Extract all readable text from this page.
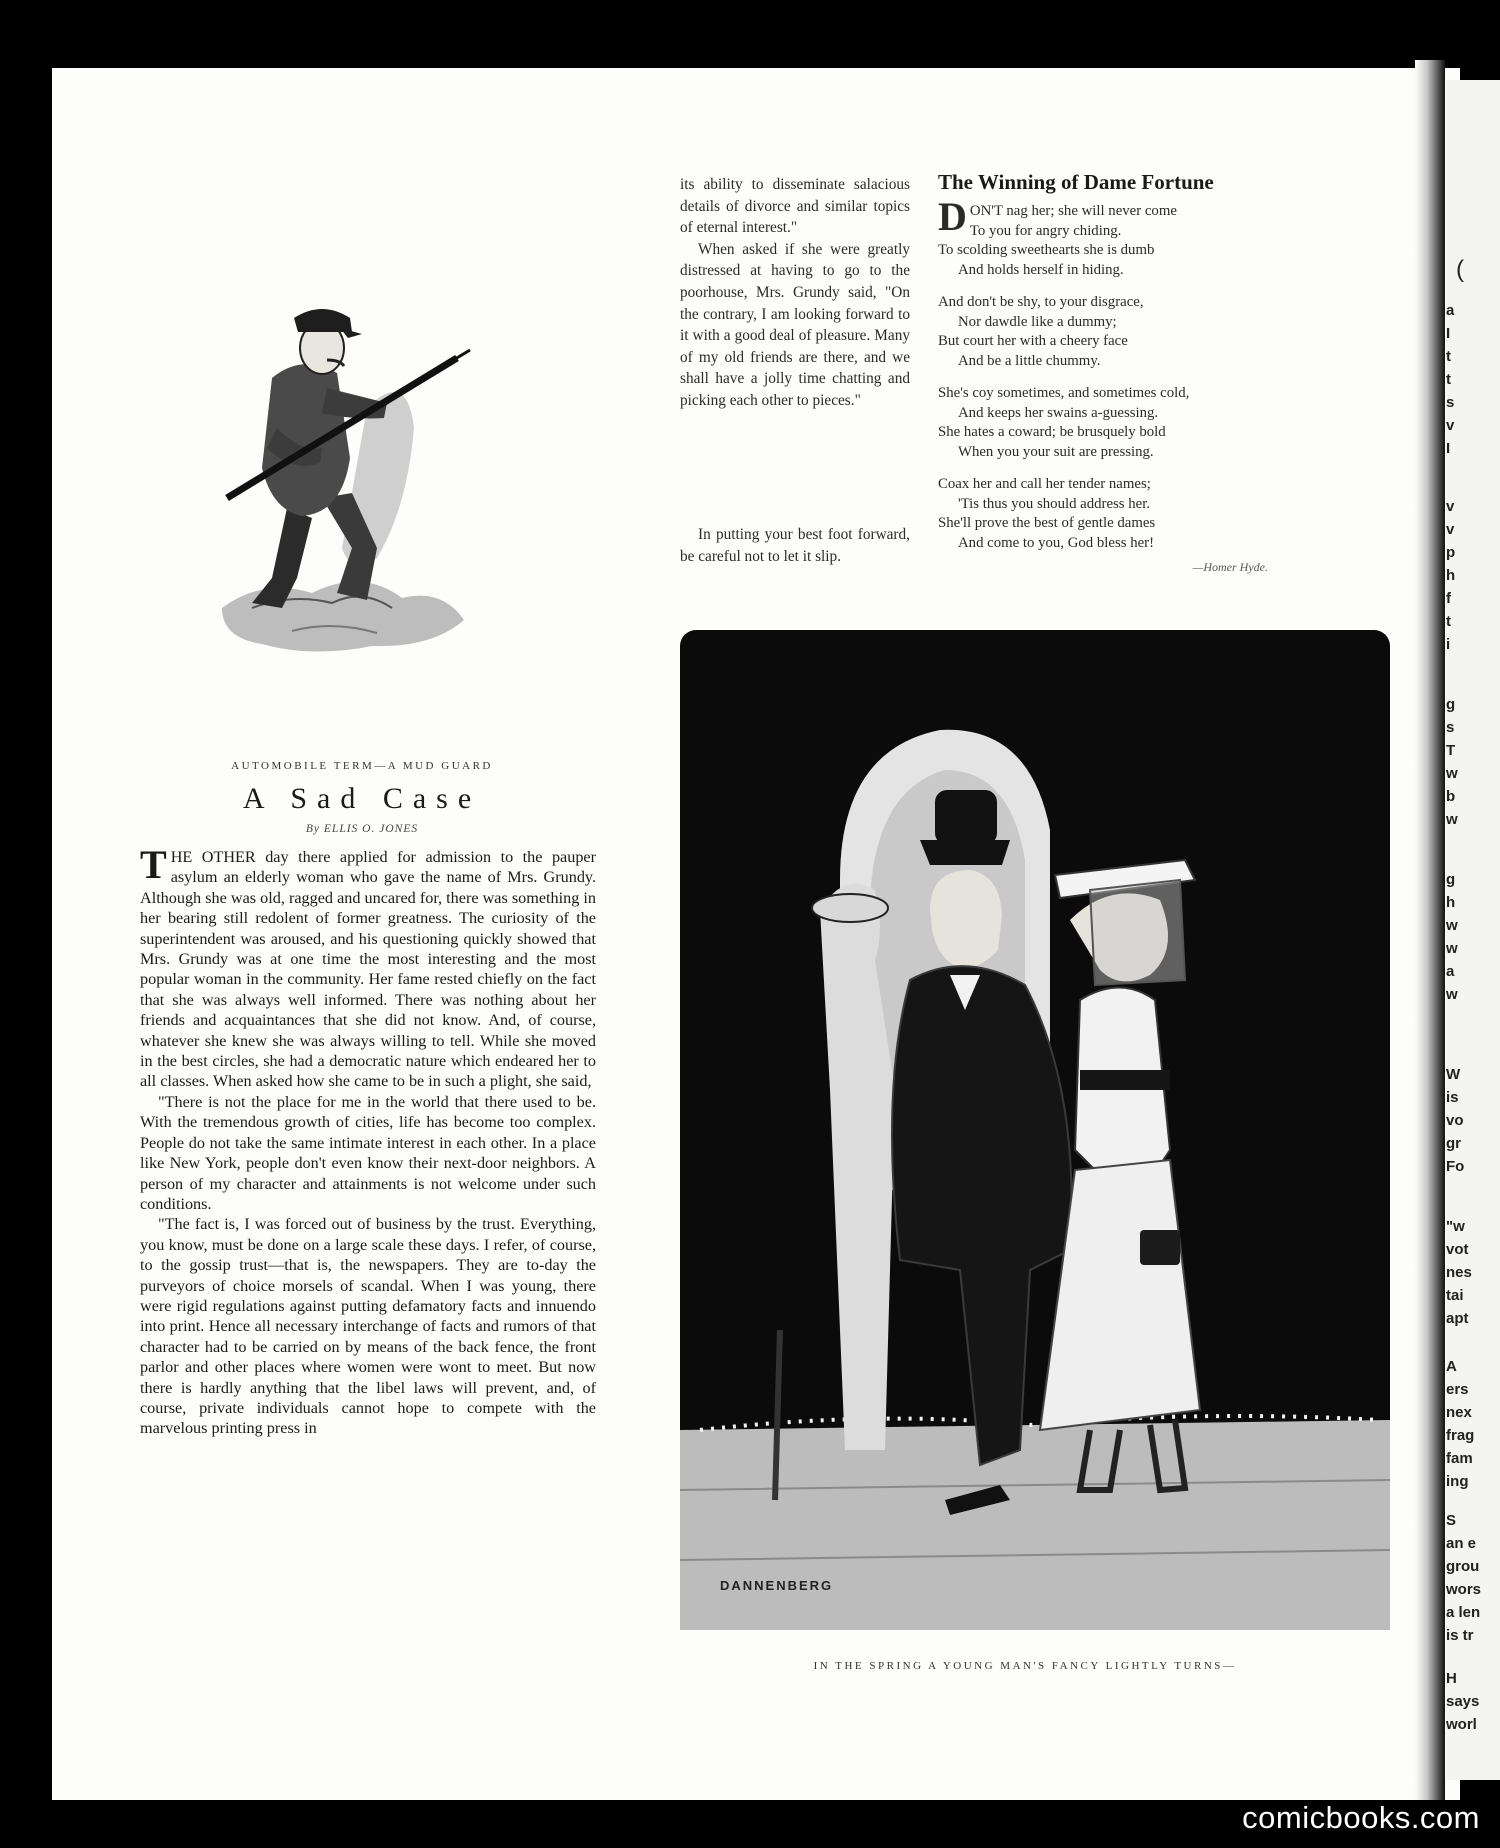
AUTOMOBILE TERM—A MUD GUARD
A Sad Case
By ELLIS O. JONES

THE OTHER day there applied for admission to the pauper asylum an elderly woman who gave the name of Mrs. Grundy. Although she was old, ragged and uncared for, there was something in her bearing still redolent of former greatness. The curiosity of the superintendent was aroused, and his questioning quickly showed that Mrs. Grundy was at one time the most interesting and the most popular woman in the community. Her fame rested chiefly on the fact that she was always well informed. There was nothing about her friends and acquaintances that she did not know. And, of course, whatever she knew she was always willing to tell. While she moved in the best circles, she had a democratic nature which endeared her to all classes. When asked how she came to be in such a plight, she said,

"There is not the place for me in the world that there used to be. With the tremendous growth of cities, life has become too complex. People do not take the same intimate interest in each other. In a place like New York, people don't even know their next-door neighbors. A person of my character and attainments is not welcome under such conditions.

"The fact is, I was forced out of business by the trust. Everything, you know, must be done on a large scale these days. I refer, of course, to the gossip trust—that is, the newspapers. They are to-day the purveyors of choice morsels of scandal. When I was young, there were rigid regulations against putting defamatory facts and innuendo into print. Hence all necessary interchange of facts and rumors of that character had to be carried on by means of the back fence, the front parlor and other places where women were wont to meet. But now there is hardly anything that the libel laws will prevent, and, of course, private individuals cannot hope to compete with the marvelous printing press in

its ability to disseminate salacious details of divorce and similar topics of eternal interest."

When asked if she were greatly distressed at having to go to the poorhouse, Mrs. Grundy said, "On the contrary, I am looking forward to it with a good deal of pleasure. Many of my old friends are there, and we shall have a jolly time chatting and picking each other to pieces."

In putting your best foot forward, be careful not to let it slip.

The Winning of Dame Fortune
DON'T nag her; she will never come
To you for angry chiding.
To scolding sweethearts she is dumb
And holds herself in hiding.
And don't be shy, to your disgrace,
Nor dawdle like a dummy;
But court her with a cheery face
And be a little chummy.
She's coy sometimes, and sometimes cold,
And keeps her swains a-guessing.
She hates a coward; be brusquely bold
When you your suit are pressing.
Coax her and call her tender names;
'Tis thus you should address her.
She'll prove the best of gentle dames
And come to you, God bless her!
—Homer Hyde.
DANNENBERG
IN THE SPRING A YOUNG MAN'S FANCY LIGHTLY TURNS—
(
a
I
t
t
s
v
I
v
v
p
h
f
t
i
g
s
T
w
b
w
g
h
w
w
a
w
W
is
vo
gr
Fo
"w
vot
nes
tai
apt
A
ers
nex
frag
fam
ing
S
an e
grou
wors
a len
is tr
H
says
worl
comicbooks.com
